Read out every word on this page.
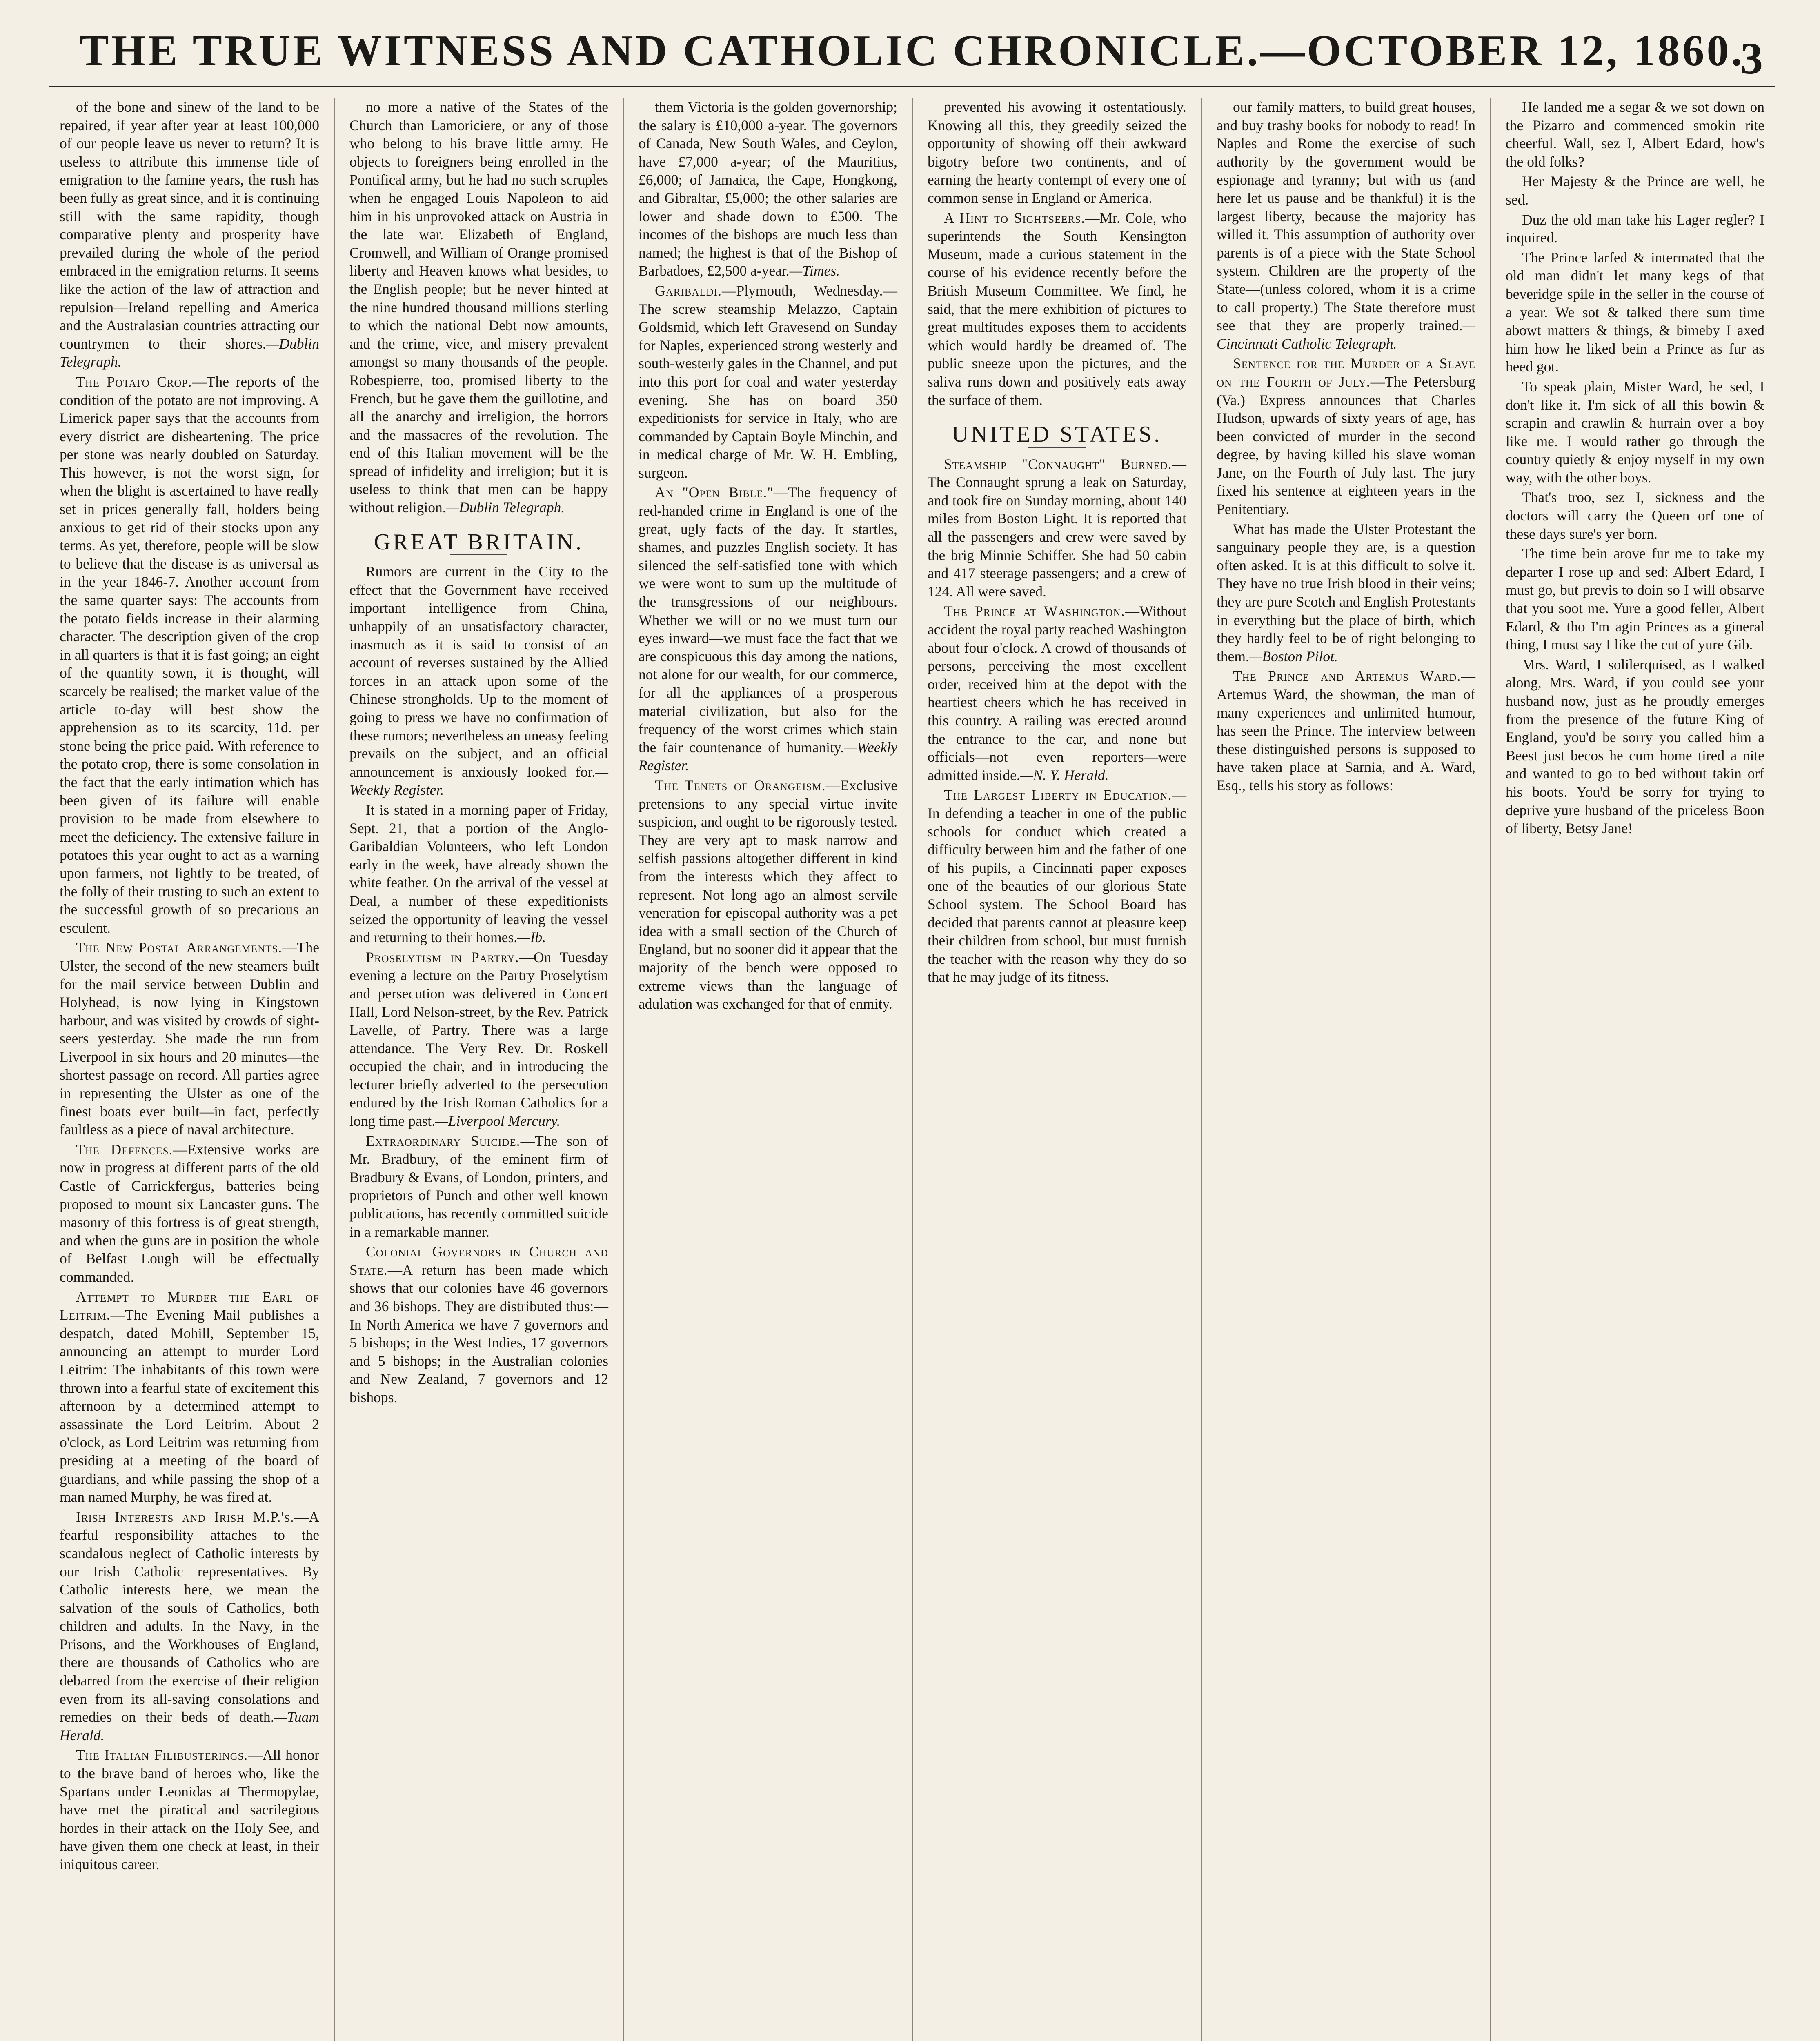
THE TRUE WITNESS AND CATHOLIC CHRONICLE.—OCTOBER 12, 1860.
3

of the bone and sinew of the land to be repaired, if year after year at least 100,000 of our people leave us never to return? It is useless to attribute this immense tide of emigration to the famine years, the rush has been fully as great since, and it is continuing still with the same rapidity, though comparative plenty and prosperity have prevailed during the whole of the period embraced in the emigration returns. It seems like the action of the law of attraction and repulsion—Ireland repelling and America and the Australasian countries attracting our countrymen to their shores.—Dublin Telegraph.

The Potato Crop.—The reports of the condition of the potato are not improving. A Limerick paper says that the accounts from every district are disheartening. The price per stone was nearly doubled on Saturday. This however, is not the worst sign, for when the blight is ascertained to have really set in prices generally fall, holders being anxious to get rid of their stocks upon any terms. As yet, therefore, people will be slow to believe that the disease is as universal as in the year 1846-7. Another account from the same quarter says: The accounts from the potato fields increase in their alarming character. The description given of the crop in all quarters is that it is fast going; an eight of the quantity sown, it is thought, will scarcely be realised; the market value of the article to-day will best show the apprehension as to its scarcity, 11d. per stone being the price paid. With reference to the potato crop, there is some consolation in the fact that the early intimation which has been given of its failure will enable provision to be made from elsewhere to meet the deficiency. The extensive failure in potatoes this year ought to act as a warning upon farmers, not lightly to be treated, of the folly of their trusting to such an extent to the successful growth of so precarious an esculent.

The New Postal Arrangements.—The Ulster, the second of the new steamers built for the mail service between Dublin and Holyhead, is now lying in Kingstown harbour, and was visited by crowds of sight-seers yesterday. She made the run from Liverpool in six hours and 20 minutes—the shortest passage on record. All parties agree in representing the Ulster as one of the finest boats ever built—in fact, perfectly faultless as a piece of naval architecture.

The Defences.—Extensive works are now in progress at different parts of the old Castle of Carrickfergus, batteries being proposed to mount six Lancaster guns. The masonry of this fortress is of great strength, and when the guns are in position the whole of Belfast Lough will be effectually commanded.

Attempt to Murder the Earl of Leitrim.—The Evening Mail publishes a despatch, dated Mohill, September 15, announcing an attempt to murder Lord Leitrim: The inhabitants of this town were thrown into a fearful state of excitement this afternoon by a determined attempt to assassinate the Lord Leitrim. About 2 o'clock, as Lord Leitrim was returning from presiding at a meeting of the board of guardians, and while passing the shop of a man named Murphy, he was fired at.

Irish Interests and Irish M.P.'s.—A fearful responsibility attaches to the scandalous neglect of Catholic interests by our Irish Catholic representatives. By Catholic interests here, we mean the salvation of the souls of Catholics, both children and adults. In the Navy, in the Prisons, and the Workhouses of England, there are thousands of Catholics who are debarred from the exercise of their religion even from its all-saving consolations and remedies on their beds of death.—Tuam Herald.

The Italian Filibusterings.—All honor to the brave band of heroes who, like the Spartans under Leonidas at Thermopylae, have met the piratical and sacrilegious hordes in their attack on the Holy See, and have given them one check at least, in their iniquitous career.

no more a native of the States of the Church than Lamoriciere, or any of those who belong to his brave little army. He objects to foreigners being enrolled in the Pontifical army, but he had no such scruples when he engaged Louis Napoleon to aid him in his unprovoked attack on Austria in the late war. Elizabeth of England, Cromwell, and William of Orange promised liberty and Heaven knows what besides, to the English people; but he never hinted at the nine hundred thousand millions sterling to which the national Debt now amounts, and the crime, vice, and misery prevalent amongst so many thousands of the people. Robespierre, too, promised liberty to the French, but he gave them the guillotine, and all the anarchy and irreligion, the horrors and the massacres of the revolution. The end of this Italian movement will be the spread of infidelity and irreligion; but it is useless to think that men can be happy without religion.—Dublin Telegraph.

GREAT BRITAIN.

Rumors are current in the City to the effect that the Government have received important intelligence from China, unhappily of an unsatisfactory character, inasmuch as it is said to consist of an account of reverses sustained by the Allied forces in an attack upon some of the Chinese strongholds. Up to the moment of going to press we have no confirmation of these rumors; nevertheless an uneasy feeling prevails on the subject, and an official announcement is anxiously looked for.—Weekly Register.

It is stated in a morning paper of Friday, Sept. 21, that a portion of the Anglo-Garibaldian Volunteers, who left London early in the week, have already shown the white feather. On the arrival of the vessel at Deal, a number of these expeditionists seized the opportunity of leaving the vessel and returning to their homes.—Ib.

Proselytism in Partry.—On Tuesday evening a lecture on the Partry Proselytism and persecution was delivered in Concert Hall, Lord Nelson-street, by the Rev. Patrick Lavelle, of Partry. There was a large attendance. The Very Rev. Dr. Roskell occupied the chair, and in introducing the lecturer briefly adverted to the persecution endured by the Irish Roman Catholics for a long time past.—Liverpool Mercury.

Extraordinary Suicide.—The son of Mr. Bradbury, of the eminent firm of Bradbury & Evans, of London, printers, and proprietors of Punch and other well known publications, has recently committed suicide in a remarkable manner.

Colonial Governors in Church and State.—A return has been made which shows that our colonies have 46 governors and 36 bishops. They are distributed thus:—In North America we have 7 governors and 5 bishops; in the West Indies, 17 governors and 5 bishops; in the Australian colonies and New Zealand, 7 governors and 12 bishops.

them Victoria is the golden governorship; the salary is £10,000 a-year. The governors of Canada, New South Wales, and Ceylon, have £7,000 a-year; of the Mauritius, £6,000; of Jamaica, the Cape, Hongkong, and Gibraltar, £5,000; the other salaries are lower and shade down to £500. The incomes of the bishops are much less than named; the highest is that of the Bishop of Barbadoes, £2,500 a-year.—Times.

Garibaldi.—Plymouth, Wednesday.—The screw steamship Melazzo, Captain Goldsmid, which left Gravesend on Sunday for Naples, experienced strong westerly and south-westerly gales in the Channel, and put into this port for coal and water yesterday evening. She has on board 350 expeditionists for service in Italy, who are commanded by Captain Boyle Minchin, and in medical charge of Mr. W. H. Embling, surgeon.

An "Open Bible."—The frequency of red-handed crime in England is one of the great, ugly facts of the day. It startles, shames, and puzzles English society. It has silenced the self-satisfied tone with which we were wont to sum up the multitude of the transgressions of our neighbours. Whether we will or no we must turn our eyes inward—we must face the fact that we are conspicuous this day among the nations, not alone for our wealth, for our commerce, for all the appliances of a prosperous material civilization, but also for the frequency of the worst crimes which stain the fair countenance of humanity.—Weekly Register.

The Tenets of Orangeism.—Exclusive pretensions to any special virtue invite suspicion, and ought to be rigorously tested. They are very apt to mask narrow and selfish passions altogether different in kind from the interests which they affect to represent. Not long ago an almost servile veneration for episcopal authority was a pet idea with a small section of the Church of England, but no sooner did it appear that the majority of the bench were opposed to extreme views than the language of adulation was exchanged for that of enmity.

prevented his avowing it ostentatiously. Knowing all this, they greedily seized the opportunity of showing off their awkward bigotry before two continents, and of earning the hearty contempt of every one of common sense in England or America.

A Hint to Sightseers.—Mr. Cole, who superintends the South Kensington Museum, made a curious statement in the course of his evidence recently before the British Museum Committee. We find, he said, that the mere exhibition of pictures to great multitudes exposes them to accidents which would hardly be dreamed of. The public sneeze upon the pictures, and the saliva runs down and positively eats away the surface of them.

UNITED STATES.

Steamship "Connaught" Burned.—The Connaught sprung a leak on Saturday, and took fire on Sunday morning, about 140 miles from Boston Light. It is reported that all the passengers and crew were saved by the brig Minnie Schiffer. She had 50 cabin and 417 steerage passengers; and a crew of 124. All were saved.

The Prince at Washington.—Without accident the royal party reached Washington about four o'clock. A crowd of thousands of persons, perceiving the most excellent order, received him at the depot with the heartiest cheers which he has received in this country. A railing was erected around the entrance to the car, and none but officials—not even reporters—were admitted inside.—N. Y. Herald.

The Largest Liberty in Education.—In defending a teacher in one of the public schools for conduct which created a difficulty between him and the father of one of his pupils, a Cincinnati paper exposes one of the beauties of our glorious State School system. The School Board has decided that parents cannot at pleasure keep their children from school, but must furnish the teacher with the reason why they do so that he may judge of its fitness.

our family matters, to build great houses, and buy trashy books for nobody to read! In Naples and Rome the exercise of such authority by the government would be espionage and tyranny; but with us (and here let us pause and be thankful) it is the largest liberty, because the majority has willed it. This assumption of authority over parents is of a piece with the State School system. Children are the property of the State—(unless colored, whom it is a crime to call property.) The State therefore must see that they are properly trained.—Cincinnati Catholic Telegraph.

Sentence for the Murder of a Slave on the Fourth of July.—The Petersburg (Va.) Express announces that Charles Hudson, upwards of sixty years of age, has been convicted of murder in the second degree, by having killed his slave woman Jane, on the Fourth of July last. The jury fixed his sentence at eighteen years in the Penitentiary.

What has made the Ulster Protestant the sanguinary people they are, is a question often asked. It is at this difficult to solve it. They have no true Irish blood in their veins; they are pure Scotch and English Protestants in everything but the place of birth, which they hardly feel to be of right belonging to them.—Boston Pilot.

The Prince and Artemus Ward.—Artemus Ward, the showman, the man of many experiences and unlimited humour, has seen the Prince. The interview between these distinguished persons is supposed to have taken place at Sarnia, and A. Ward, Esq., tells his story as follows:

He landed me a segar & we sot down on the Pizarro and commenced smokin rite cheerful. Wall, sez I, Albert Edard, how's the old folks?

Her Majesty & the Prince are well, he sed.

Duz the old man take his Lager regler? I inquired.

The Prince larfed & intermated that the old man didn't let many kegs of that beveridge spile in the seller in the course of a year. We sot & talked there sum time abowt matters & things, & bimeby I axed him how he liked bein a Prince as fur as heed got.

To speak plain, Mister Ward, he sed, I don't like it. I'm sick of all this bowin & scrapin and crawlin & hurrain over a boy like me. I would rather go through the country quietly & enjoy myself in my own way, with the other boys.

That's troo, sez I, sickness and the doctors will carry the Queen orf one of these days sure's yer born.

The time bein arove fur me to take my departer I rose up and sed: Albert Edard, I must go, but previs to doin so I will obsarve that you soot me. Yure a good feller, Albert Edard, & tho I'm agin Princes as a gineral thing, I must say I like the cut of yure Gib.

Mrs. Ward, I solilerquised, as I walked along, Mrs. Ward, if you could see your husband now, just as he proudly emerges from the presence of the future King of England, you'd be sorry you called him a Beest just becos he cum home tired a nite and wanted to go to bed without takin orf his boots. You'd be sorry for trying to deprive yure husband of the priceless Boon of liberty, Betsy Jane!
